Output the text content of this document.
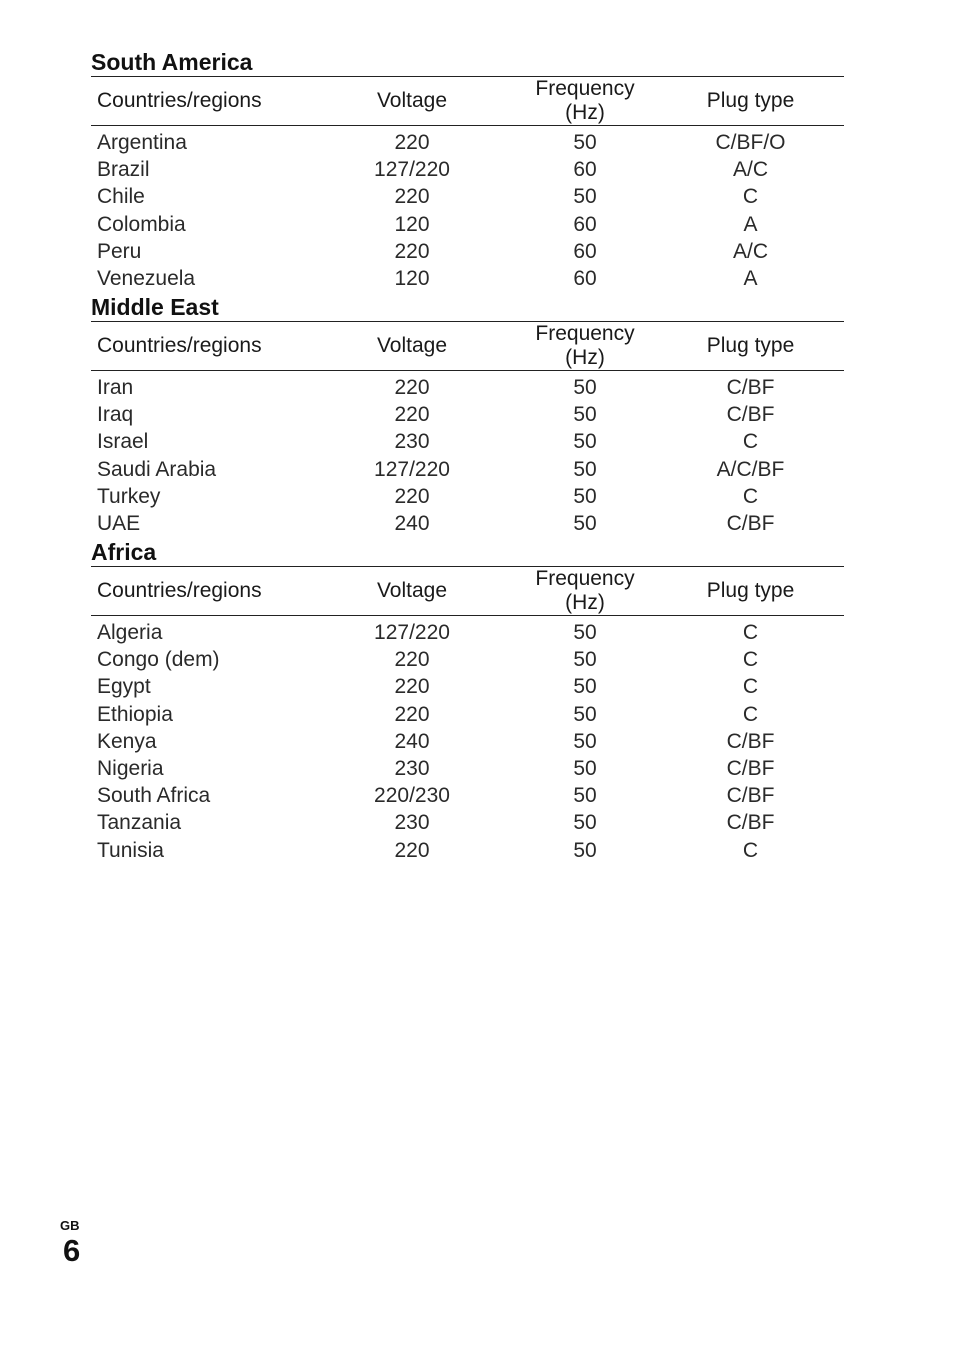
South America
Countries/regions	Voltage	Frequency (Hz)	Plug type
Argentina	220	50	C/BF/O
Brazil	127/220	60	A/C
Chile	220	50	C
Colombia	120	60	A
Peru	220	60	A/C
Venezuela	120	60	A
Middle East
Countries/regions	Voltage	Frequency (Hz)	Plug type
Iran	220	50	C/BF
Iraq	220	50	C/BF
Israel	230	50	C
Saudi Arabia	127/220	50	A/C/BF
Turkey	220	50	C
UAE	240	50	C/BF
Africa
Countries/regions	Voltage	Frequency (Hz)	Plug type
Algeria	127/220	50	C
Congo (dem)	220	50	C
Egypt	220	50	C
Ethiopia	220	50	C
Kenya	240	50	C/BF
Nigeria	230	50	C/BF
South Africa	220/230	50	C/BF
Tanzania	230	50	C/BF
Tunisia	220	50	C
GB
6
